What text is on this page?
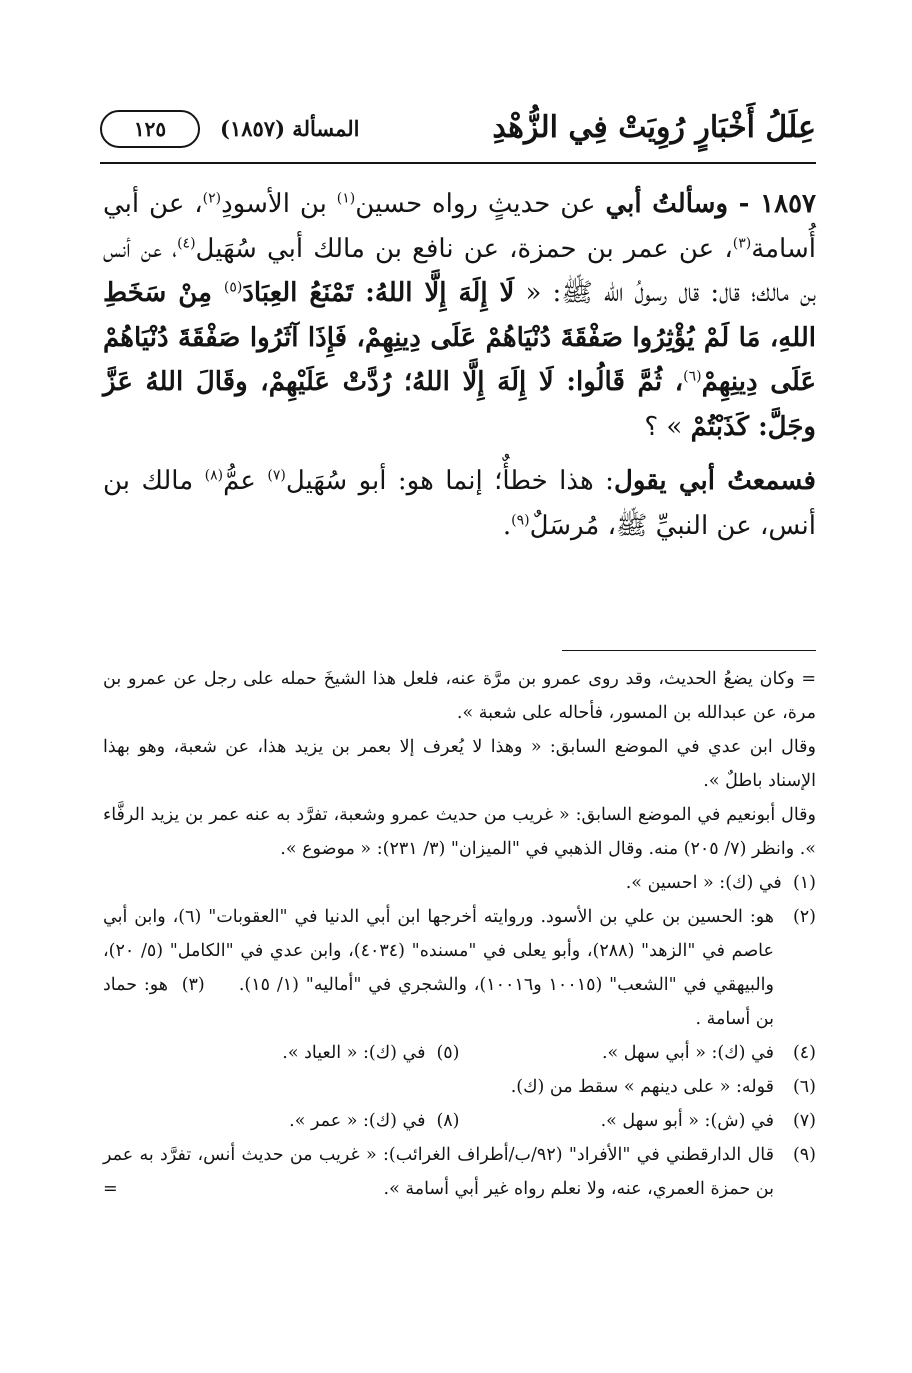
عِلَلُ أَخْبَارٍ رُوِيَتْ فِي الزُّهْدِ
المسألة (١٨٥٧)
١٢٥

١٨٥٧ - وسألتُ أبي عن حديثٍ رواه حسين$^{(١)}$ بن الأسودِ$^{(٢)}$، عن أبي أُسامة$^{(٣)}$، عن عمر بن حمزة، عن نافع بن مالك أبي سُهَيل$^{(٤)}$، عن أنس بن مالك؛ قال: قال رسولُ الله ﷺ: « لَا إِلَهَ إِلَّا اللهُ: تَمْنَعُ العِبَادَ$^{(٥)}$ مِنْ سَخَطِ اللهِ، مَا لَمْ يُؤْثِرُوا صَفْقَةَ دُنْيَاهُمْ عَلَى دِينِهِمْ، فَإِذَا آثَرُوا صَفْقَةَ دُنْيَاهُمْ عَلَى دِينِهِمْ$^{(٦)}$، ثُمَّ قَالُوا: لَا إِلَهَ إِلَّا اللهُ؛ رُدَّتْ عَلَيْهِمْ، وقَالَ اللهُ عَزَّ وجَلَّ: كَذَبْتُمْ » ؟

فسمعتُ أبي يقول: هذا خطأٌ؛ إنما هو: أبو سُهَيل$^{(٧)}$ عمُّ$^{(٨)}$ مالك بن أنس، عن النبيِّ ﷺ، مُرسَلٌ$^{(٩)}$.

= وكان يضعُ الحديث، وقد روى عمرو بن مرَّة عنه، فلعل هذا الشيخَ حمله على رجل عن عمرو بن مرة، عن عبدالله بن المسور، فأحاله على شعبة ».

وقال ابن عدي في الموضع السابق: « وهذا لا يُعرف إلا بعمر بن يزيد هذا، عن شعبة، وهو بهذا الإسناد باطلٌ ».

وقال أبونعيم في الموضع السابق: « غريب من حديث عمرو وشعبة، تفرَّد به عنه عمر بن يزيد الرفَّاء ». وانظر (٧/ ٢٠٥) منه. وقال الذهبي في "الميزان" (٣/ ٢٣١): « موضوع ».

(١)  في (ك): « احسين ».

(٢)
هو: الحسين بن علي بن الأسود. وروايته أخرجها ابن أبي الدنيا في "العقوبات" (٦)، وابن أبي عاصم في "الزهد" (٢٨٨)، وأبو يعلى في "مسنده" (٤٠٣٤)، وابن عدي في "الكامل" (٥/ ٢٠)، والبيهقي في "الشعب" (١٠٠١٥ و١٠٠١٦)، والشجري في "أماليه" (١/ ١٥).     (٣)  هو: حماد بن أسامة .
(٤)
في (ك): « أبي سهل ».
(٥)
في (ك): « العياد ».
(٦)
قوله: « على دينهم » سقط من (ك).
(٧)
في (ش): « أبو سهل ».
(٨)
في (ك): « عمر ».
(٩)
قال الدارقطني في "الأفراد" (٩٢/ب/أطراف الغرائب): « غريب من حديث أنس، تفرَّد به عمر بن حمزة العمري، عنه، ولا نعلم رواه غير أبي أسامة ».
=
